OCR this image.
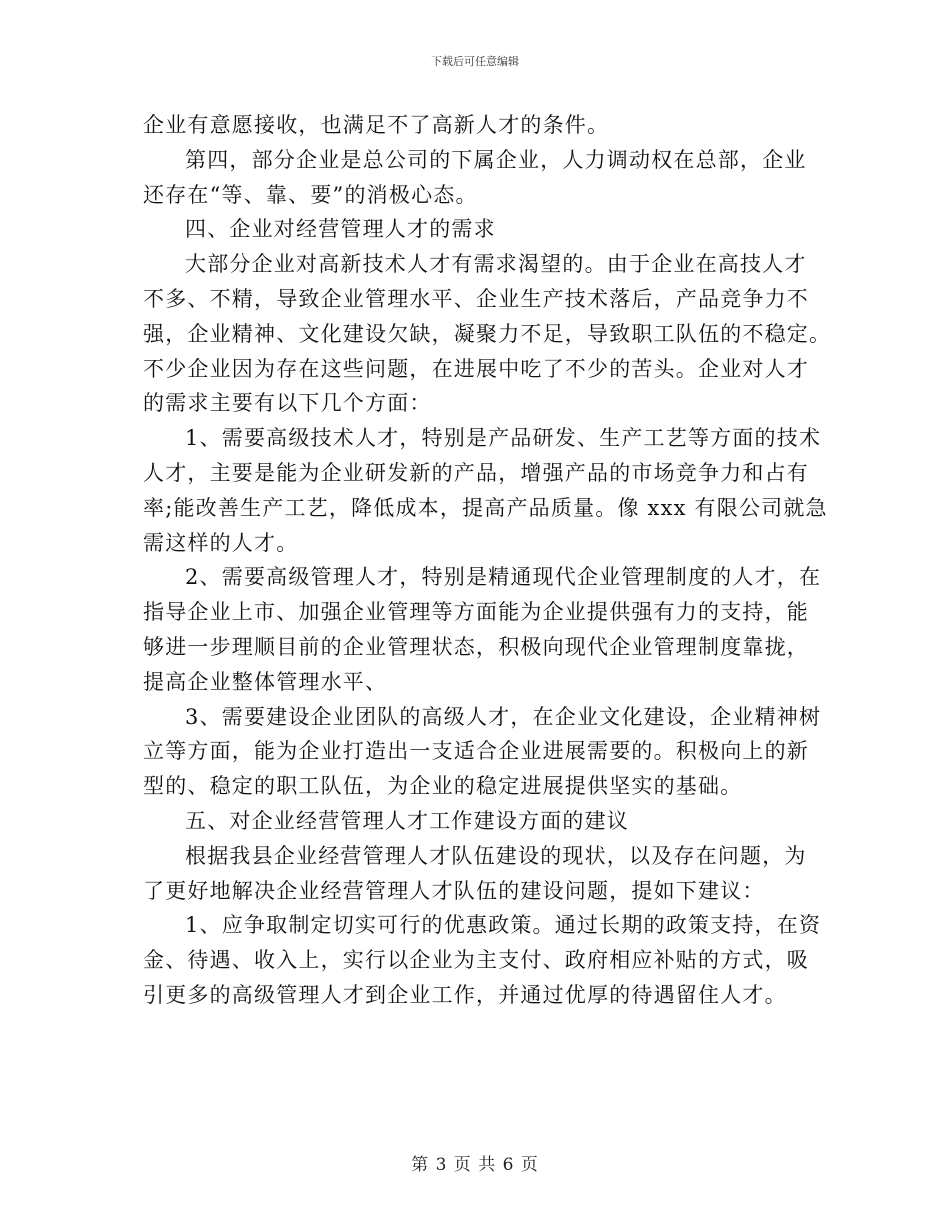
下载后可任意编辑

企业有意愿接收，也满足不了高新人才的条件。

第四，部分企业是总公司的下属企业，人力调动权在总部，企业

还存在“等、靠、要”的消极心态。

四、企业对经营管理人才的需求

大部分企业对高新技术人才有需求渴望的。由于企业在高技人才

不多、不精，导致企业管理水平、企业生产技术落后，产品竞争力不

强，企业精神、文化建设欠缺，凝聚力不足，导致职工队伍的不稳定。

不少企业因为存在这些问题，在进展中吃了不少的苦头。企业对人才

的需求主要有以下几个方面：

1、需要高级技术人才，特别是产品研发、生产工艺等方面的技术

人才，主要是能为企业研发新的产品，增强产品的市场竞争力和占有

率;能改善生产工艺，降低成本，提高产品质量。像 xxx 有限公司就急

需这样的人才。

2、需要高级管理人才，特别是精通现代企业管理制度的人才，在

指导企业上市、加强企业管理等方面能为企业提供强有力的支持，能

够进一步理顺目前的企业管理状态，积极向现代企业管理制度靠拢，

提高企业整体管理水平、

3、需要建设企业团队的高级人才，在企业文化建设，企业精神树

立等方面，能为企业打造出一支适合企业进展需要的。积极向上的新

型的、稳定的职工队伍，为企业的稳定进展提供坚实的基础。

五、对企业经营管理人才工作建设方面的建议

根据我县企业经营管理人才队伍建设的现状，以及存在问题，为

了更好地解决企业经营管理人才队伍的建设问题，提如下建议：

1、应争取制定切实可行的优惠政策。通过长期的政策支持，在资

金、待遇、收入上，实行以企业为主支付、政府相应补贴的方式，吸

引更多的高级管理人才到企业工作，并通过优厚的待遇留住人才。

第 3 页 共 6 页
